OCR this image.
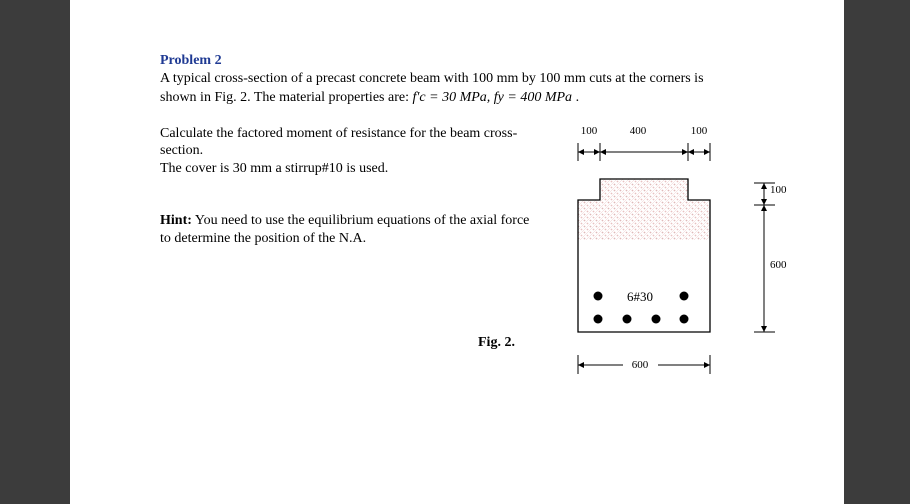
Problem 2
A typical cross-section of a precast concrete beam with 100 mm by 100 mm cuts at the corners is
shown in Fig. 2. The material properties are: f′c = 30 MPa, fy = 400 MPa .
Calculate the factored moment of resistance for the beam cross-
section.
The cover is 30 mm a stirrup#10 is used.
Hint: You need to use the equilibrium equations of the axial force
to determine the position of the N.A.
Fig. 2.
100	400	100
6#30
100
600
600
